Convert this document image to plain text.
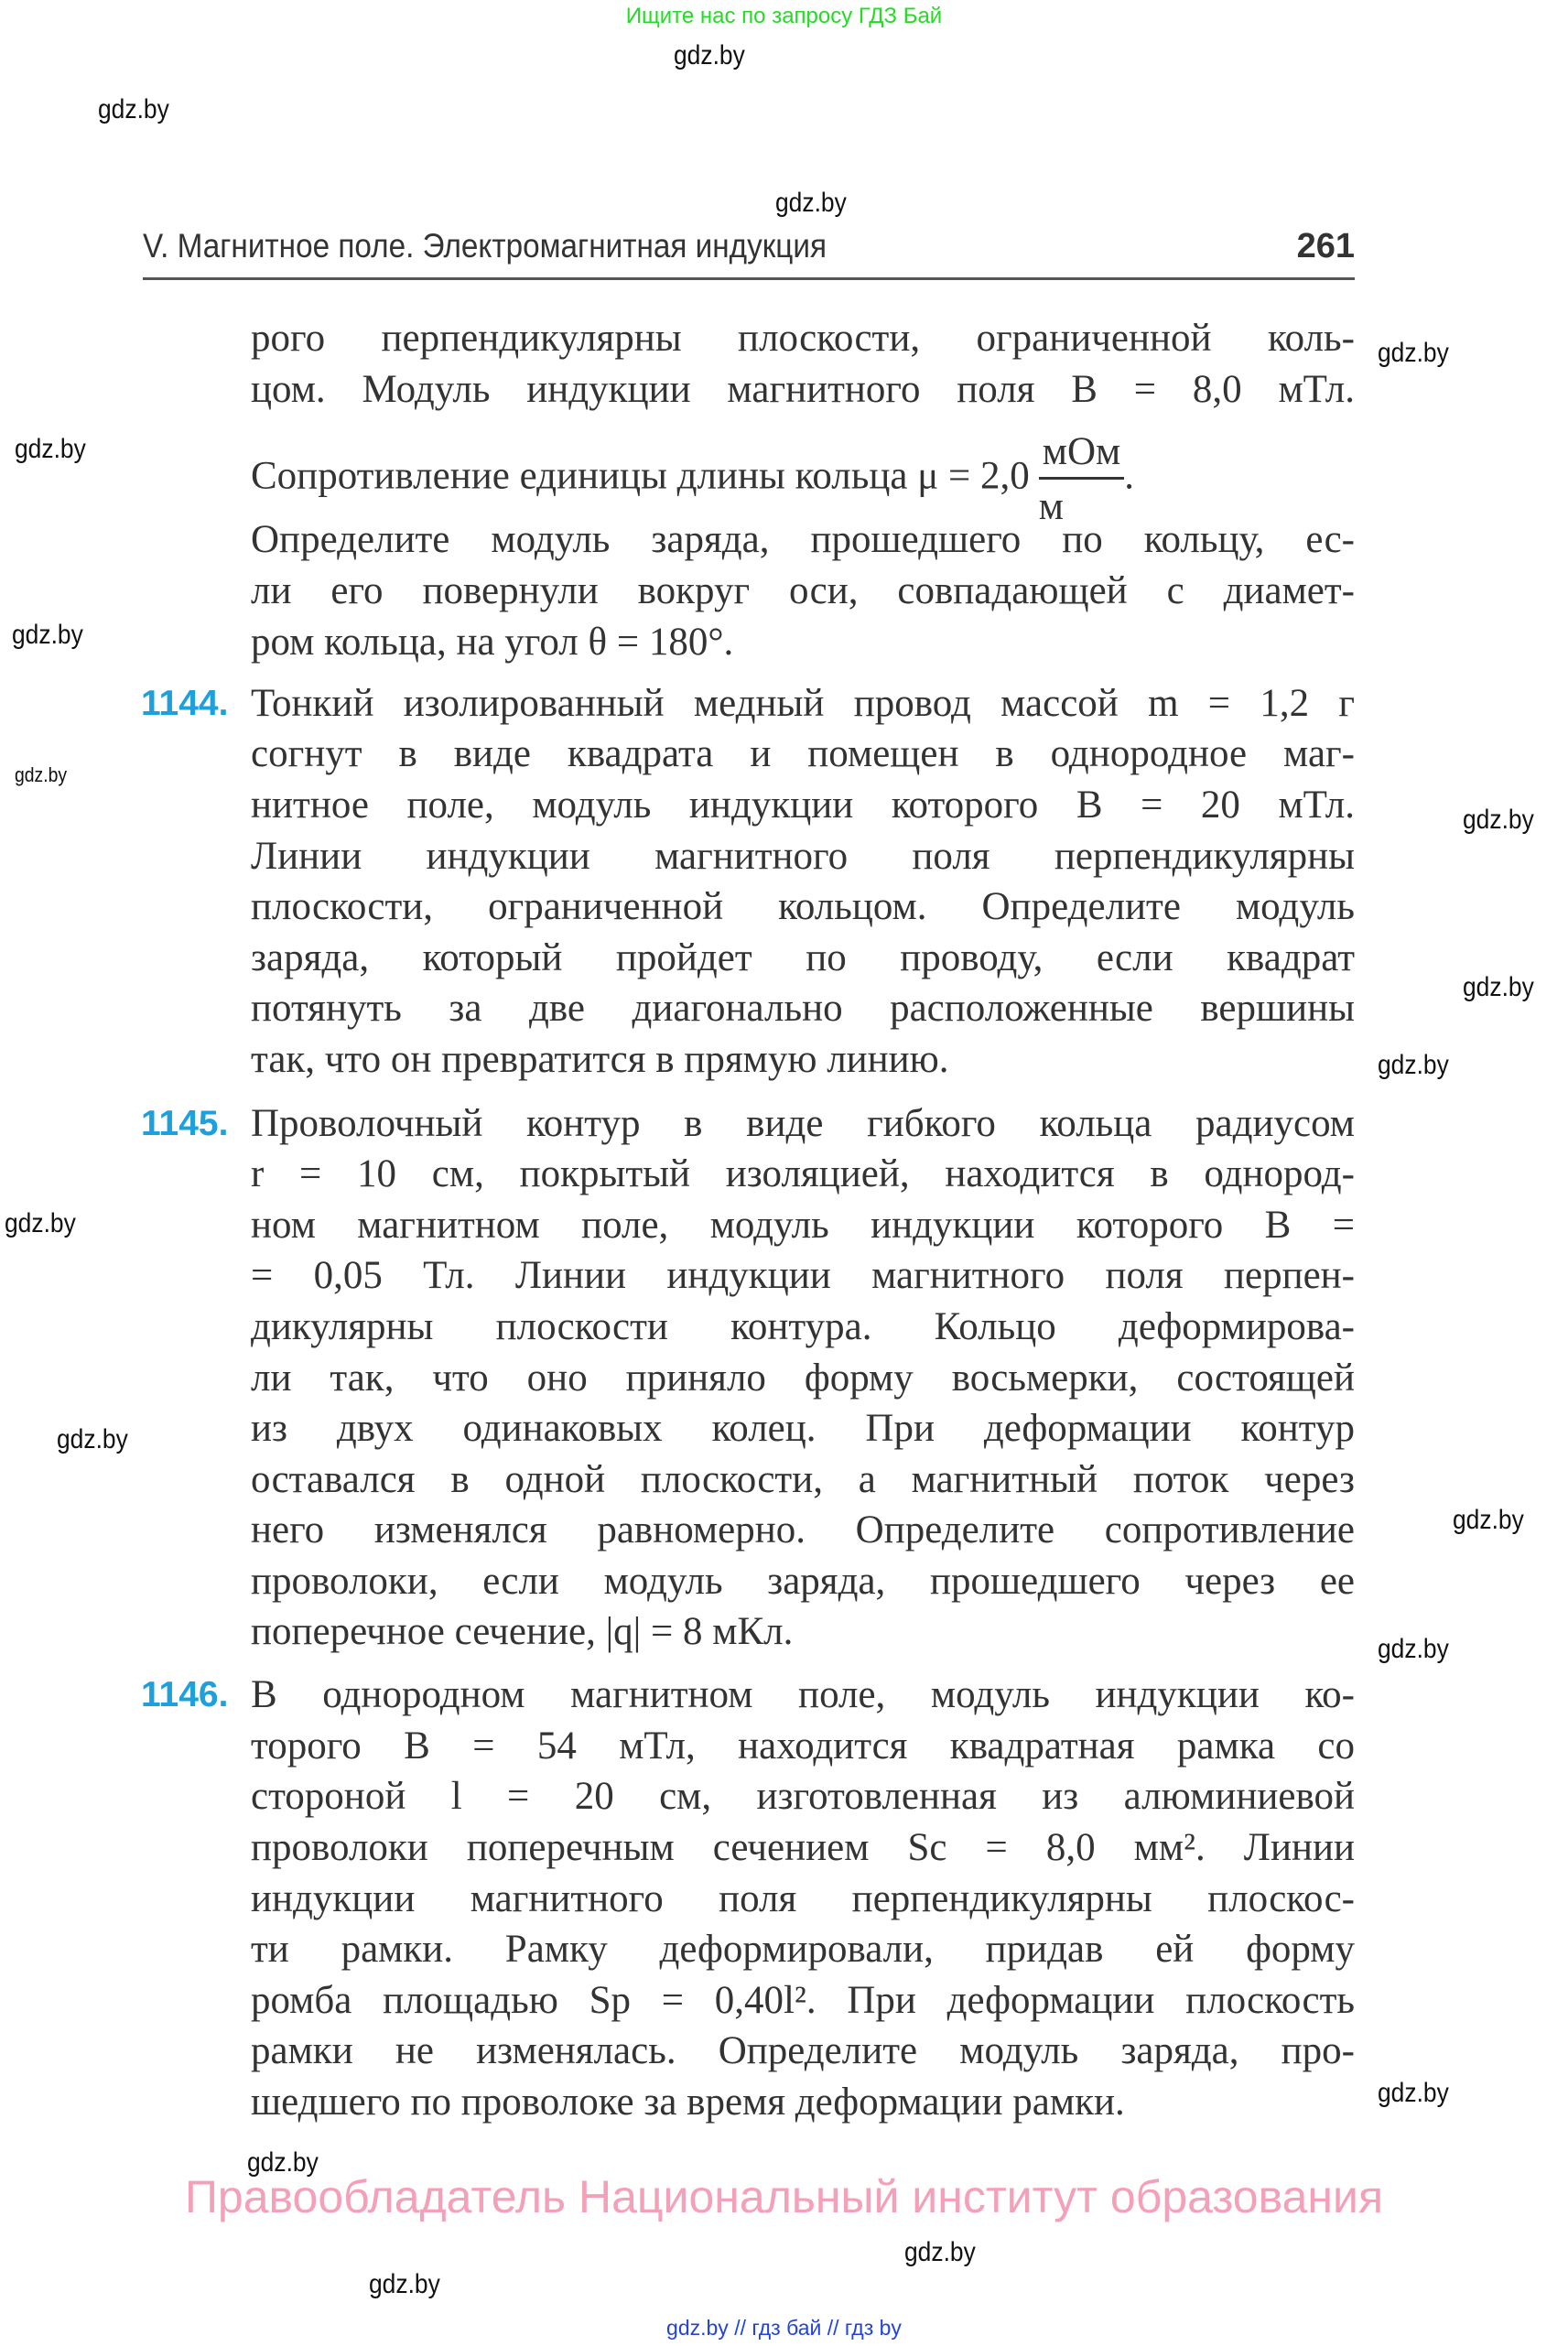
Ищите нас по запросу ГДЗ Бай
V. Магнитное поле. Электромагнитная индукция	261
рого перпендикулярны плоскости, ограниченной коль-
цом. Модуль индукции магнитного поля B = 8,0 мТл.
Сопротивление единицы длины кольца $\mu = 2,0 \frac{\text{мОм}}{м}$ .
Определите модуль заряда, прошедшего по кольцу, ес-
ли его повернули вокруг оси, совпадающей с диамет-
ром кольца, на угол θ = 180°.
1144. Тонкий изолированный медный провод массой m = 1,2 г
согнут в виде квадрата и помещен в однородное маг-
нитное поле, модуль индукции которого B = 20 мТл.
Линии индукции магнитного поля перпендикулярны
плоскости, ограниченной кольцом. Определите модуль
заряда, который пройдет по проводу, если квадрат
потянуть за две диагонально расположенные вершины
так, что он превратится в прямую линию.
1145. Проволочный контур в виде гибкого кольца радиусом
r = 10 см, покрытый изоляцией, находится в однород-
ном магнитном поле, модуль индукции которого B =
= 0,05 Тл. Линии индукции магнитного поля перпен-
дикулярны плоскости контура. Кольцо деформирова-
ли так, что оно приняло форму восьмерки, состоящей
из двух одинаковых колец. При деформации контур
оставался в одной плоскости, а магнитный поток через
него изменялся равномерно. Определите сопротивление
проволоки, если модуль заряда, прошедшего через ее
поперечное сечение, |q| = 8 мКл.
1146. В однородном магнитном поле, модуль индукции ко-
торого B = 54 мТл, находится квадратная рамка со
стороной l = 20 см, изготовленная из алюминиевой
проволоки поперечным сечением Sс = 8,0 мм². Линии
индукции магнитного поля перпендикулярны плоскос-
ти рамки. Рамку деформировали, придав ей форму
ромба площадью Sр = 0,40l². При деформации плоскость
рамки не изменялась. Определите модуль заряда, про-
шедшего по проволоке за время деформации рамки.
Правообладатель Национальный институт образования
gdz.by // гдз бай // гдз by
gdz.by
gdz.by
gdz.by
gdz.by
gdz.by
gdz.by
gdz.by
gdz.by
gdz.by
gdz.by
gdz.by
gdz.by
gdz.by
gdz.by
gdz.by
gdz.by
gdz.by
gdz.by
